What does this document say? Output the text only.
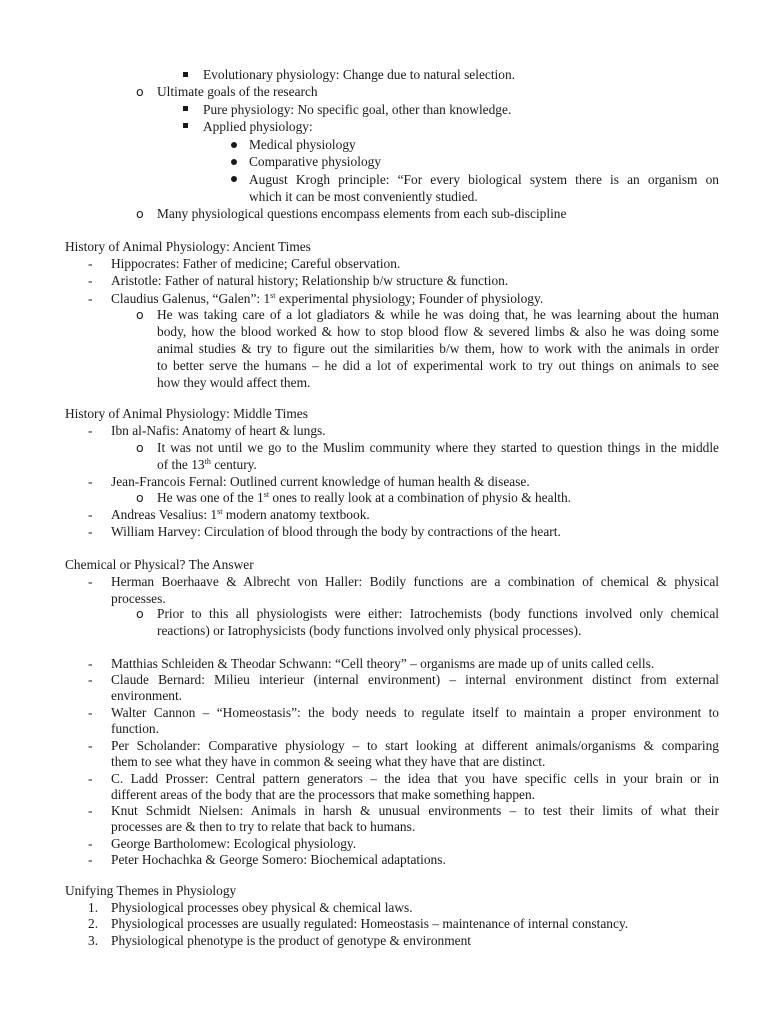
Evolutionary physiology: Change due to natural selection.
o Ultimate goals of the research
Pure physiology: No specific goal, other than knowledge.
Applied physiology:
Medical physiology
Comparative physiology
August Krogh principle: “For every biological system there is an organism on
which it can be most conveniently studied.
o Many physiological questions encompass elements from each sub-discipline
History of Animal Physiology: Ancient Times
- Hippocrates: Father of medicine; Careful observation.
- Aristotle: Father of natural history; Relationship b/w structure & function.
- Claudius Galenus, “Galen”: 1st experimental physiology; Founder of physiology.
o He was taking care of a lot gladiators & while he was doing that, he was learning about the human
body, how the blood worked & how to stop blood flow & severed limbs & also he was doing some
animal studies & try to figure out the similarities b/w them, how to work with the animals in order
to better serve the humans – he did a lot of experimental work to try out things on animals to see
how they would affect them.
History of Animal Physiology: Middle Times
- Ibn al-Nafis: Anatomy of heart & lungs.
o It was not until we go to the Muslim community where they started to question things in the middle
of the 13th century.
- Jean-Francois Fernal: Outlined current knowledge of human health & disease.
o He was one of the 1st ones to really look at a combination of physio & health.
- Andreas Vesalius: 1st modern anatomy textbook.
- William Harvey: Circulation of blood through the body by contractions of the heart.
Chemical or Physical? The Answer
- Herman Boerhaave & Albrecht von Haller: Bodily functions are a combination of chemical & physical
processes.
o Prior to this all physiologists were either: Iatrochemists (body functions involved only chemical
reactions) or Iatrophysicists (body functions involved only physical processes).
- Matthias Schleiden & Theodar Schwann: “Cell theory” – organisms are made up of units called cells.
- Claude Bernard: Milieu interieur (internal environment) – internal environment distinct from external
environment.
- Walter Cannon – “Homeostasis”: the body needs to regulate itself to maintain a proper environment to
function.
- Per Scholander: Comparative physiology – to start looking at different animals/organisms & comparing
them to see what they have in common & seeing what they have that are distinct.
- C. Ladd Prosser: Central pattern generators – the idea that you have specific cells in your brain or in
different areas of the body that are the processors that make something happen.
- Knut Schmidt Nielsen: Animals in harsh & unusual environments – to test their limits of what their
processes are & then to try to relate that back to humans.
- George Bartholomew: Ecological physiology.
- Peter Hochachka & George Somero: Biochemical adaptations.
Unifying Themes in Physiology
1. Physiological processes obey physical & chemical laws.
2. Physiological processes are usually regulated: Homeostasis – maintenance of internal constancy.
3. Physiological phenotype is the product of genotype & environment
